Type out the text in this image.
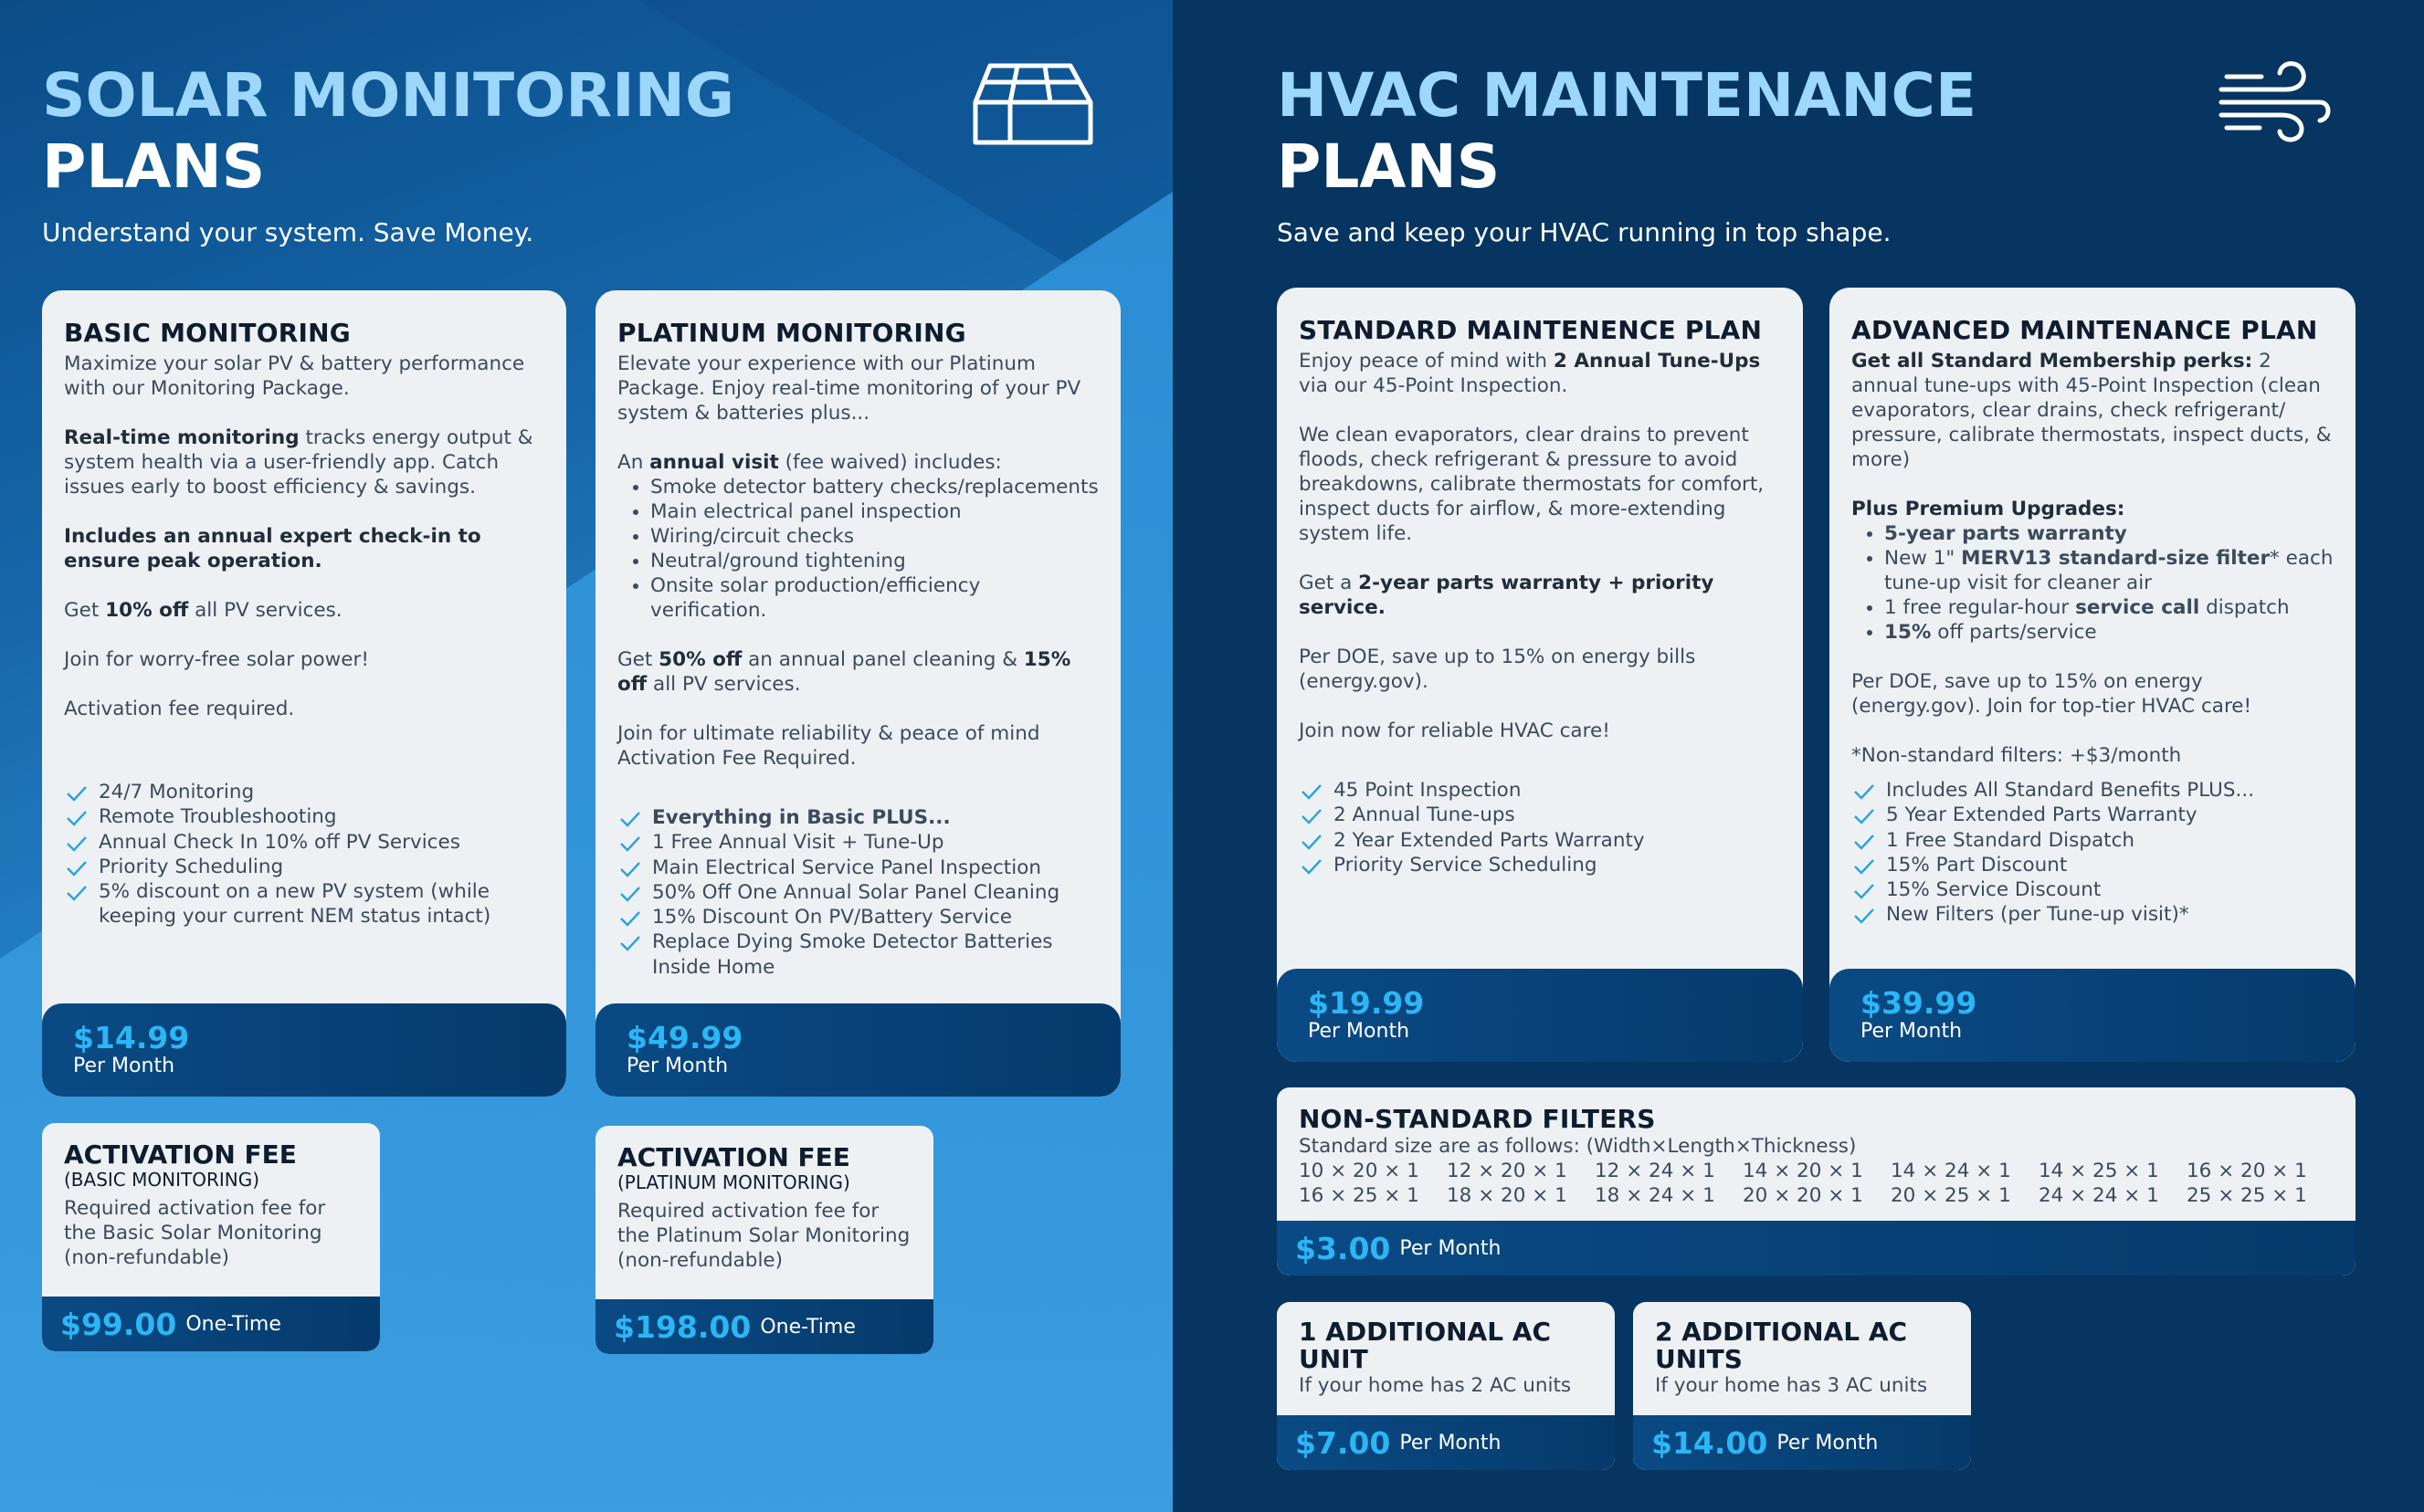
SOLAR MONITORING
PLANS

Understand your system. Save Money.

HVAC MAINTENANCE
PLANS

Save and keep your HVAC running in top shape.

BASIC MONITORING

Maximize your solar PV & battery performance with our Monitoring Package.

Real-time monitoring tracks energy output & system health via a user-friendly app. Catch issues early to boost efficiency & savings.

Includes an annual expert check-in to ensure peak operation.

Get 10% off all PV services.

Join for worry-free solar power!

Activation fee required.

24/7 Monitoring
Remote Troubleshooting
Annual Check In 10% off PV Services
Priority Scheduling
5% discount on a new PV system (while keeping your current NEM status intact)
$14.99
Per Month
PLATINUM MONITORING

Elevate your experience with our Platinum Package. Enjoy real-time monitoring of your PV system & batteries plus...

An annual visit (fee waived) includes:

• Smoke detector battery checks/replacements
• Main electrical panel inspection
• Wiring/circuit checks
• Neutral/ground tightening
• Onsite solar production/efficiency verification.

Get 50% off an annual panel cleaning & 15% off all PV services.

Join for ultimate reliability & peace of mind Activation Fee Required.

Everything in Basic PLUS...
1 Free Annual Visit + Tune-Up
Main Electrical Service Panel Inspection
50% Off One Annual Solar Panel Cleaning
15% Discount On PV/Battery Service
Replace Dying Smoke Detector Batteries Inside Home
$49.99
Per Month
ACTIVATION FEE

(BASIC MONITORING)

Required activation fee for the Basic Solar Monitoring (non-refundable)

$99.00 One-Time
ACTIVATION FEE

(PLATINUM MONITORING)

Required activation fee for the Platinum Solar Monitoring (non-refundable)

$198.00 One-Time
STANDARD MAINTENENCE PLAN

Enjoy peace of mind with 2 Annual Tune-Ups via our 45-Point Inspection.

We clean evaporators, clear drains to prevent floods, check refrigerant & pressure to avoid breakdowns, calibrate thermostats for comfort, inspect ducts for airflow, & more-extending system life.

Get a 2-year parts warranty + priority service.

Per DOE, save up to 15% on energy bills (energy.gov).

Join now for reliable HVAC care!

45 Point Inspection
2 Annual Tune-ups
2 Year Extended Parts Warranty
Priority Service Scheduling
$19.99
Per Month
ADVANCED MAINTENANCE PLAN

Get all Standard Membership perks: 2 annual tune-ups with 45-Point Inspection (clean evaporators, clear drains, check refrigerant/ pressure, calibrate thermostats, inspect ducts, & more)

Plus Premium Upgrades:

• 5-year parts warranty
• New 1" MERV13 standard-size filter* each tune-up visit for cleaner air
• 1 free regular-hour service call dispatch
• 15% off parts/service

Per DOE, save up to 15% on energy (energy.gov). Join for top-tier HVAC care!

*Non-standard filters: +$3/month

Includes All Standard Benefits PLUS...
5 Year Extended Parts Warranty
1 Free Standard Dispatch
15% Part Discount
15% Service Discount
New Filters (per Tune-up visit)*
$39.99
Per Month
NON-STANDARD FILTERS

Standard size are as follows: (Width×Length×Thickness)

10 × 20 × 1	12 × 20 × 1	12 × 24 × 1	14 × 20 × 1	14 × 24 × 1	14 × 25 × 1	16 × 20 × 1
16 × 25 × 1	18 × 20 × 1	18 × 24 × 1	20 × 20 × 1	20 × 25 × 1	24 × 24 × 1	25 × 25 × 1
$3.00 Per Month
1 ADDITIONAL AC UNIT

If your home has 2 AC units

$7.00 Per Month
2 ADDITIONAL AC UNITS

If your home has 3 AC units

$14.00 Per Month
